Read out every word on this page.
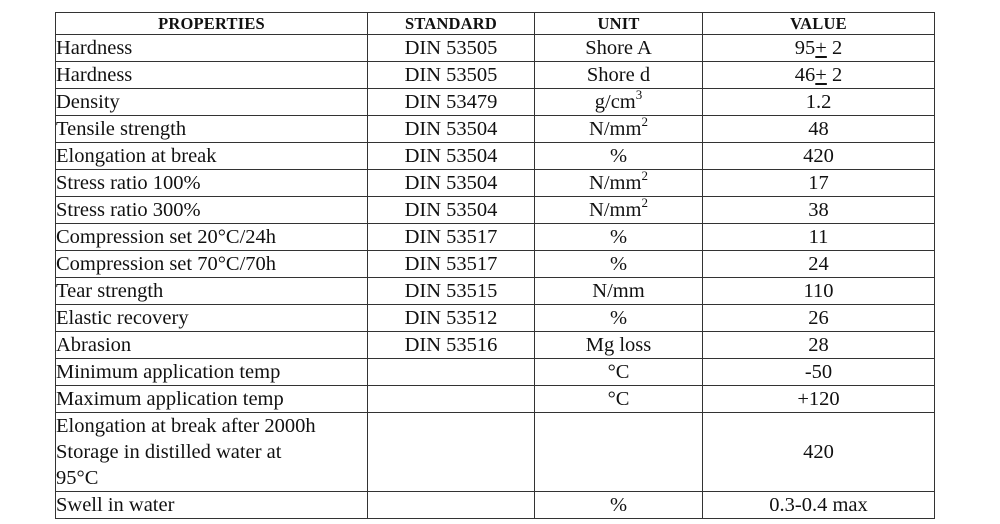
PROPERTIES	STANDARD	UNIT	VALUE
Hardness	DIN 53505	Shore A	95+ 2
Hardness	DIN 53505	Shore d	46+ 2
Density	DIN 53479	$g/cm^3$	1.2
Tensile strength	DIN 53504	$N/mm^2$	48
Elongation at break	DIN 53504	%	420
Stress ratio 100%	DIN 53504	$N/mm^2$	17
Stress ratio 300%	DIN 53504	$N/mm^2$	38
Compression set 20°C/24h	DIN 53517	%	11
Compression set 70°C/70h	DIN 53517	%	24
Tear strength	DIN 53515	N/mm	110
Elastic recovery	DIN 53512	%	26
Abrasion	DIN 53516	Mg loss	28
Minimum application temp		°C	-50
Maximum application temp		°C	+120

Elongation at break after 2000h
Storage in distilled water at
95°C			420
Swell in water		%	0.3-0.4 max
